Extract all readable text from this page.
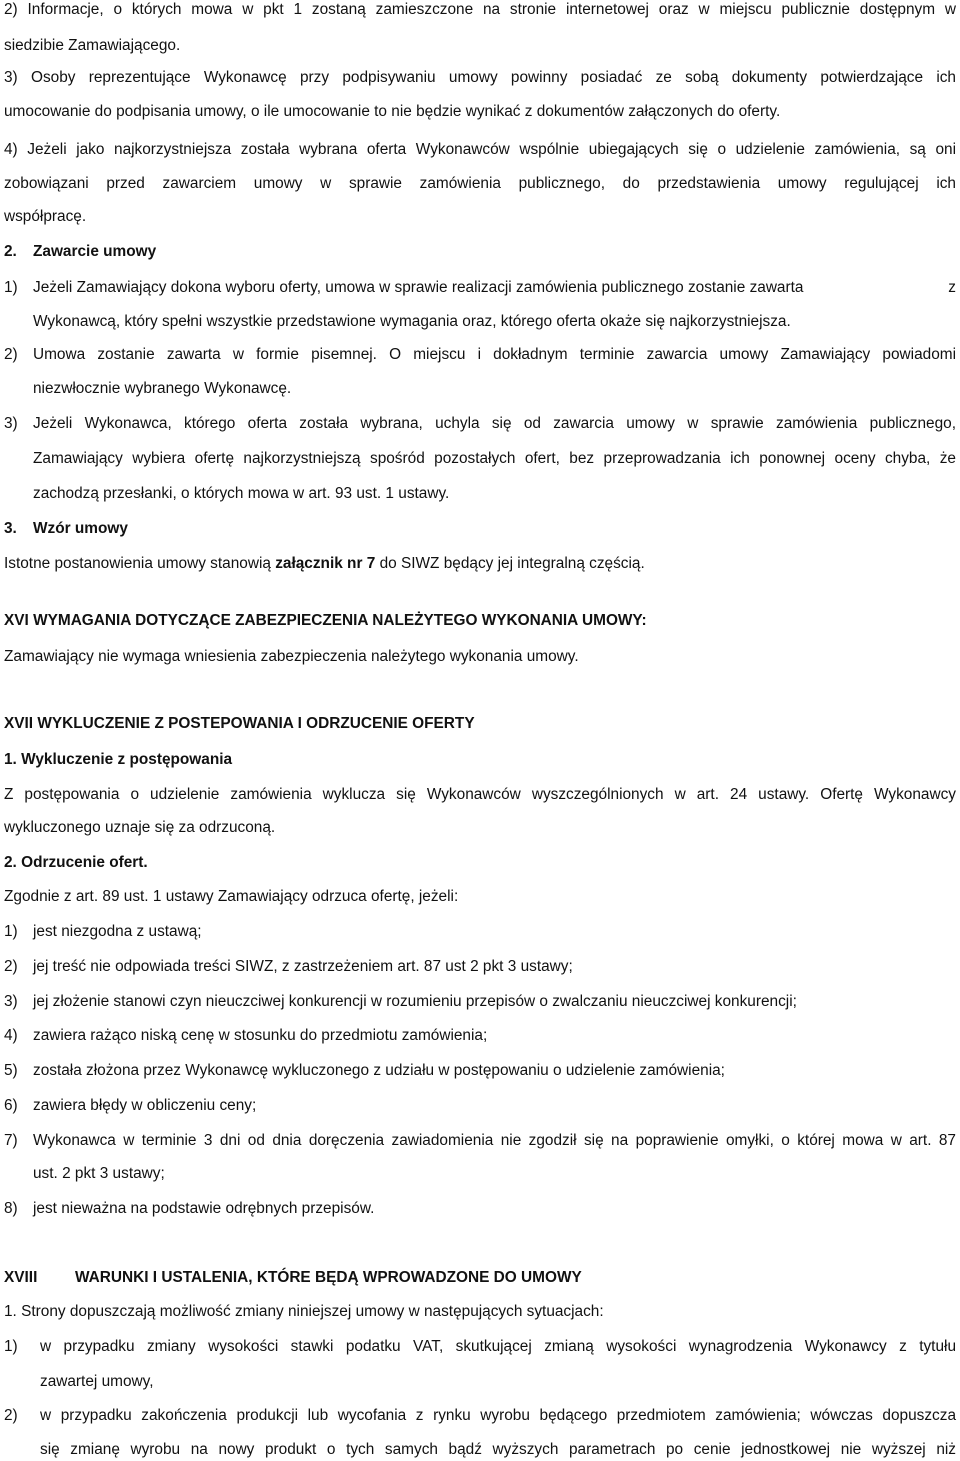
2) Informacje, o których mowa w pkt 1 zostaną zamieszczone na stronie internetowej oraz w miejscu publicznie dostępnym w
siedzibie Zamawiającego.
3) Osoby reprezentujące Wykonawcę przy podpisywaniu umowy powinny posiadać ze sobą dokumenty potwierdzające ich
umocowanie do podpisania umowy, o ile umocowanie to nie będzie wynikać z dokumentów załączonych do oferty.
4) Jeżeli jako najkorzystniejsza została wybrana oferta Wykonawców wspólnie ubiegających się o udzielenie zamówienia, są oni
zobowiązani przed zawarciem umowy w sprawie zamówienia publicznego, do przedstawienia umowy regulującej ich
współpracę.
2. Zawarcie umowy
1) Jeżeli Zamawiający dokona wyboru oferty, umowa w sprawie realizacji zamówienia publicznego zostanie zawarta	z
Wykonawcą, który spełni wszystkie przedstawione wymagania oraz, którego oferta okaże się najkorzystniejsza.
2) Umowa zostanie zawarta w formie pisemnej. O miejscu i dokładnym terminie zawarcia umowy Zamawiający powiadomi
niezwłocznie wybranego Wykonawcę.
3) Jeżeli Wykonawca, którego oferta została wybrana, uchyla się od zawarcia umowy w sprawie zamówienia publicznego,
Zamawiający wybiera ofertę najkorzystniejszą spośród pozostałych ofert, bez przeprowadzania ich ponownej oceny chyba, że
zachodzą przesłanki, o których mowa w art. 93 ust. 1 ustawy.
3. Wzór umowy
Istotne postanowienia umowy stanowią załącznik nr 7 do SIWZ będący jej integralną częścią.
XVI WYMAGANIA DOTYCZĄCE ZABEZPIECZENIA NALEŻYTEGO WYKONANIA UMOWY:
Zamawiający nie wymaga wniesienia zabezpieczenia należytego wykonania umowy.
XVII WYKLUCZENIE Z POSTEPOWANIA I ODRZUCENIE OFERTY
1. Wykluczenie z postępowania
Z postępowania o udzielenie zamówienia wyklucza się Wykonawców wyszczególnionych w art. 24 ustawy. Ofertę Wykonawcy
wykluczonego uznaje się za odrzuconą.
2. Odrzucenie ofert.
Zgodnie z art. 89 ust. 1 ustawy Zamawiający odrzuca ofertę, jeżeli:
1) jest niezgodna z ustawą;
2) jej treść nie odpowiada treści SIWZ, z zastrzeżeniem art. 87 ust 2 pkt 3 ustawy;
3) jej złożenie stanowi czyn nieuczciwej konkurencji w rozumieniu przepisów o zwalczaniu nieuczciwej konkurencji;
4) zawiera rażąco niską cenę w stosunku do przedmiotu zamówienia;
5) została złożona przez Wykonawcę wykluczonego z udziału w postępowaniu o udzielenie zamówienia;
6) zawiera błędy w obliczeniu ceny;
7) Wykonawca w terminie 3 dni od dnia doręczenia zawiadomienia nie zgodził się na poprawienie omyłki, o której mowa w art. 87
ust. 2 pkt 3 ustawy;
8) jest nieważna na podstawie odrębnych przepisów.
XVIII WARUNKI I USTALENIA, KTÓRE BĘDĄ WPROWADZONE DO UMOWY
1. Strony dopuszczają możliwość zmiany niniejszej umowy w następujących sytuacjach:
1) w przypadku zmiany wysokości stawki podatku VAT, skutkującej zmianą wysokości wynagrodzenia Wykonawcy z tytułu
zawartej umowy,
2) w przypadku zakończenia produkcji lub wycofania z rynku wyrobu będącego przedmiotem zamówienia; wówczas dopuszcza
się zmianę wyrobu na nowy produkt o tych samych bądź wyższych parametrach po cenie jednostkowej nie wyższej niż
